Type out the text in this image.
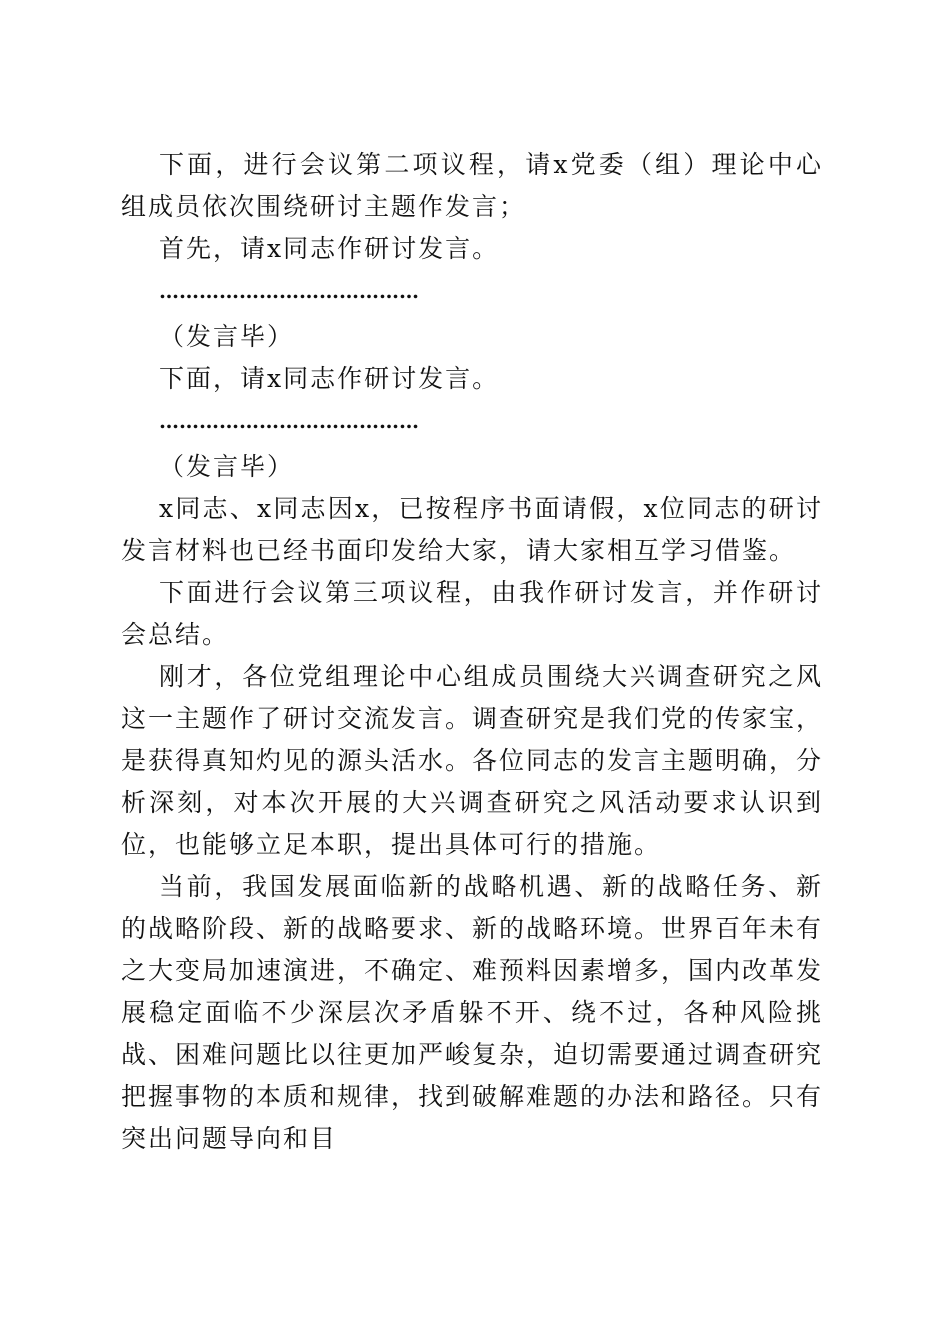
下面，进行会议第二项议程，请x党委（组）理论中心组成员依次围绕研讨主题作发言；

首先，请x同志作研讨发言。

…………………………………

（发言毕）

下面，请x同志作研讨发言。

…………………………………

（发言毕）

x同志、x同志因x，已按程序书面请假，x位同志的研讨发言材料也已经书面印发给大家，请大家相互学习借鉴。

下面进行会议第三项议程，由我作研讨发言，并作研讨会总结。

刚才，各位党组理论中心组成员围绕大兴调查研究之风这一主题作了研讨交流发言。调查研究是我们党的传家宝，是获得真知灼见的源头活水。各位同志的发言主题明确，分析深刻，对本次开展的大兴调查研究之风活动要求认识到位，也能够立足本职，提出具体可行的措施。

当前，我国发展面临新的战略机遇、新的战略任务、新的战略阶段、新的战略要求、新的战略环境。世界百年未有之大变局加速演进，不确定、难预料因素增多，国内改革发展稳定面临不少深层次矛盾躲不开、绕不过，各种风险挑战、困难问题比以往更加严峻复杂，迫切需要通过调查研究把握事物的本质和规律，找到破解难题的办法和路径。只有突出问题导向和目
